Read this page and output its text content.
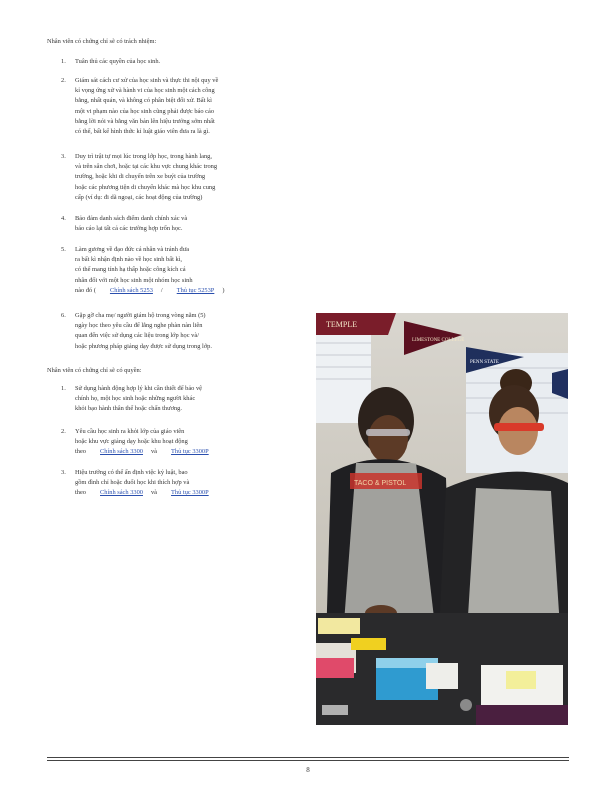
Nhân viên có chứng chỉ sẽ có trách nhiệm:
1.	Tuân thủ các quyền của học sinh.
2.	Giám sát cách cư xử của học sinh và thực thi nội quy về
kỉ vọng ứng xử và hành vi của học sinh một cách công
bằng, nhất quán, và không có phân biệt đối xử. Bất kì
một vi phạm nào của học sinh cũng phải được báo cáo
bằng lời nói và bằng văn bản lên hiệu trưởng sớm nhất
có thể, bất kể hình thức kỉ luật giáo viên đưa ra là gì.
3.	Duy trì trật tự mọi lúc trong lớp học, trong hành lang,
và trên sân chơi, hoặc tại các khu vực chung khác trong
trường, hoặc khi di chuyển trên xe buýt của trường
hoặc các phương tiện di chuyển khác mà học khu cung
cấp (ví dụ: đi dã ngoại, các hoạt động của trường)
4.	Bảo đảm danh sách điểm danh chính xác và
báo cáo lại tất cả các trường hợp trốn học.
5.	Làm gương về đạo đức cá nhân và tránh đưa
ra bất kì nhận định nào về học sinh bất kì,
có thể mang tính hạ thấp hoặc công kích cá
nhân đối với một học sinh một nhóm học sinh
nào đó ( Chính sách 5253 / Thủ tục 5253P )
6.	Gặp gỡ cha mẹ/ người giám hộ trong vòng năm (5)
ngày học theo yêu cầu để lắng nghe phàn nàn liên
quan đến việc sử dụng các liệu trong lớp học và/
hoặc phương pháp giảng dạy được sử dụng trong lớp.
Nhân viên có chứng chỉ sẽ có quyền:
1.	Sử dụng hành động hợp lý khi cần thiết để bảo vệ
chính họ, một học sinh hoặc những người khác
khỏi bạo hành thân thể hoặc chấn thương.
2.	Yêu cầu học sinh ra khỏi lớp của giáo viên
hoặc khu vực giảng dạy hoặc khu hoạt động
theo Chính sách 3300 và Thủ tục 3300P
3.	Hiệu trưởng có thể ấn định việc kỷ luật, bao
gồm đình chỉ hoặc đuổi học khi thích hợp và
theo Chính sách 3300 và Thủ tục 3300P
TEMPLE
LIMESTONE COLLEGE
PENN STATE
TACO & PISTOL
8
